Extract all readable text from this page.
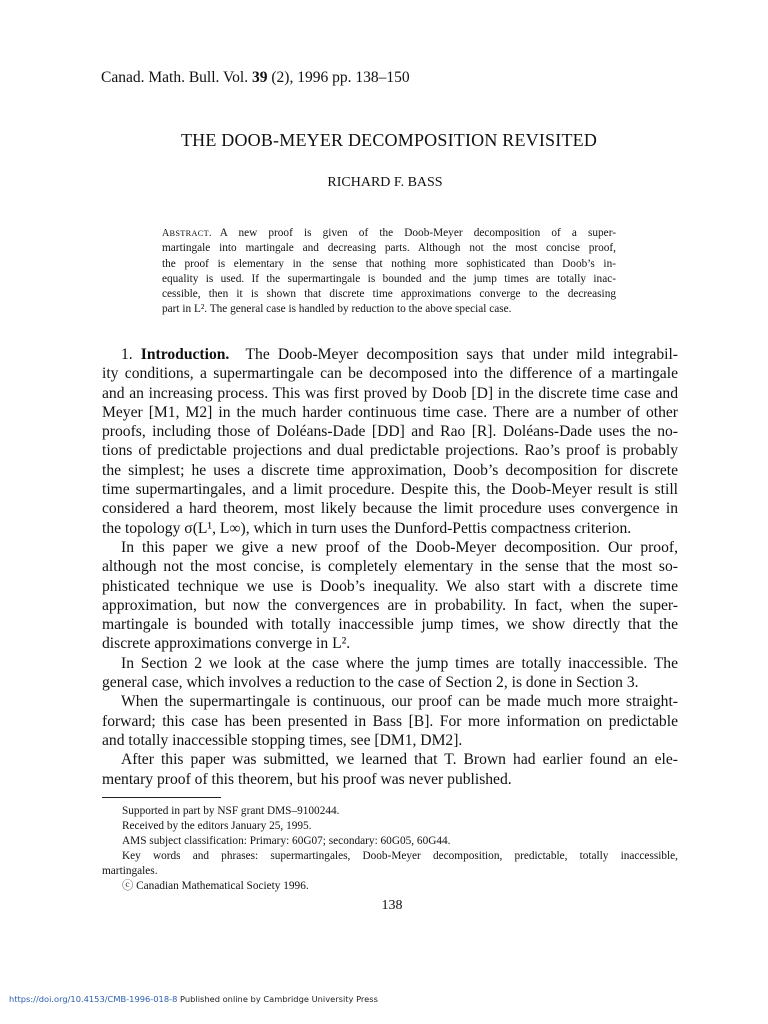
Canad. Math. Bull. Vol. 39 (2), 1996 pp. 138–150
THE DOOB-MEYER DECOMPOSITION REVISITED
RICHARD F. BASS
ABSTRACT. A new proof is given of the Doob-Meyer decomposition of a super-
martingale into martingale and decreasing parts. Although not the most concise proof,
the proof is elementary in the sense that nothing more sophisticated than Doob’s in-
equality is used. If the supermartingale is bounded and the jump times are totally inac-
cessible, then it is shown that discrete time approximations converge to the decreasing
part in L². The general case is handled by reduction to the above special case.
1. Introduction. The Doob-Meyer decomposition says that under mild integrabil-
ity conditions, a supermartingale can be decomposed into the difference of a martingale
and an increasing process. This was first proved by Doob [D] in the discrete time case and
Meyer [M1, M2] in the much harder continuous time case. There are a number of other
proofs, including those of Doléans-Dade [DD] and Rao [R]. Doléans-Dade uses the no-
tions of predictable projections and dual predictable projections. Rao’s proof is probably
the simplest; he uses a discrete time approximation, Doob’s decomposition for discrete
time supermartingales, and a limit procedure. Despite this, the Doob-Meyer result is still
considered a hard theorem, most likely because the limit procedure uses convergence in
the topology σ(L¹, L∞), which in turn uses the Dunford-Pettis compactness criterion.
In this paper we give a new proof of the Doob-Meyer decomposition. Our proof,
although not the most concise, is completely elementary in the sense that the most so-
phisticated technique we use is Doob’s inequality. We also start with a discrete time
approximation, but now the convergences are in probability. In fact, when the super-
martingale is bounded with totally inaccessible jump times, we show directly that the
discrete approximations converge in L².
In Section 2 we look at the case where the jump times are totally inaccessible. The
general case, which involves a reduction to the case of Section 2, is done in Section 3.
When the supermartingale is continuous, our proof can be made much more straight-
forward; this case has been presented in Bass [B]. For more information on predictable
and totally inaccessible stopping times, see [DM1, DM2].
After this paper was submitted, we learned that T. Brown had earlier found an ele-
mentary proof of this theorem, but his proof was never published.
Supported in part by NSF grant DMS–9100244.
Received by the editors January 25, 1995.
AMS subject classification: Primary: 60G07; secondary: 60G05, 60G44.
Key words and phrases: supermartingales, Doob-Meyer decomposition, predictable, totally inaccessible,
martingales.
ⓒ Canadian Mathematical Society 1996.
138
https://doi.org/10.4153/CMB-1996-018-8 Published online by Cambridge University Press
